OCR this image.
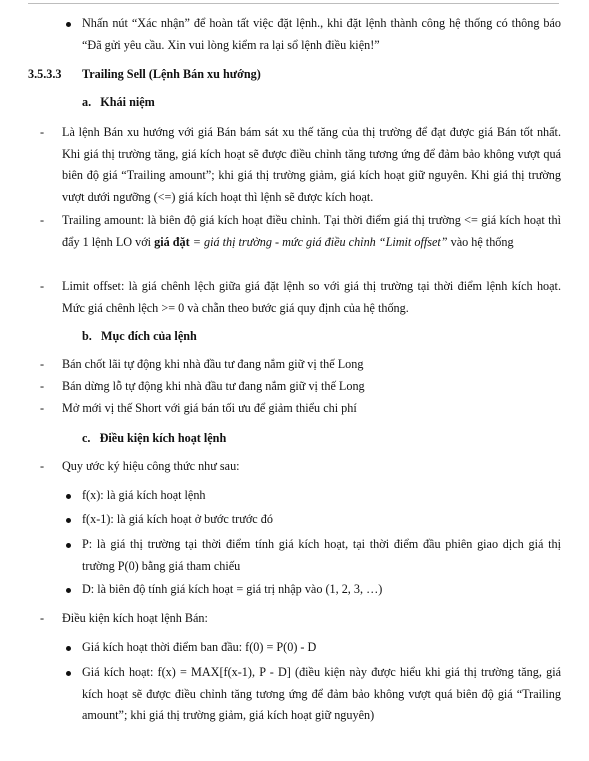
Nhấn nút “Xác nhận” để hoàn tất việc đặt lệnh., khi đặt lệnh thành công hệ thống có thông báo “Đã gửi yêu cầu. Xin vui lòng kiểm ra lại sổ lệnh điều kiện!”
3.5.3.3 Trailing Sell (Lệnh Bán xu hướng)
a.   Khái niệm
- Là lệnh Bán xu hướng với giá Bán bám sát xu thế tăng của thị trường để đạt được giá Bán tốt nhất. Khi giá thị trường tăng, giá kích hoạt sẽ được điều chỉnh tăng tương ứng để đảm bảo không vượt quá biên độ giá “Trailing amount”; khi giá thị trường giảm, giá kích hoạt giữ nguyên. Khi giá thị trường vượt dưới ngưỡng (<=) giá kích hoạt thì lệnh sẽ được kích hoạt.
- Trailing amount: là biên độ giá kích hoạt điều chỉnh. Tại thời điểm giá thị trường <= giá kích hoạt thì đẩy 1 lệnh LO với giá đặt = giá thị trường - mức giá điều chỉnh “Limit offset” vào hệ thống
- Limit offset: là giá chênh lệch giữa giá đặt lệnh so với giá thị trường tại thời điểm lệnh kích hoạt. Mức giá chênh lệch >= 0 và chẵn theo bước giá quy định của hệ thống.
b.   Mục đích của lệnh
- Bán chốt lãi tự động khi nhà đầu tư đang nắm giữ vị thế Long
- Bán dừng lỗ tự động khi nhà đầu tư đang nắm giữ vị thế Long
- Mở mới vị thế Short với giá bán tối ưu để giảm thiểu chi phí
c.   Điều kiện kích hoạt lệnh
- Quy ước ký hiệu công thức như sau:
f(x): là giá kích hoạt lệnh
f(x-1): là giá kích hoạt ở bước trước đó
P: là giá thị trường tại thời điểm tính giá kích hoạt, tại thời điểm đầu phiên giao dịch giá thị trường P(0) bằng giá tham chiếu
D: là biên độ tính giá kích hoạt = giá trị nhập vào (1, 2, 3, …)
- Điều kiện kích hoạt lệnh Bán:
Giá kích hoạt thời điểm ban đầu: f(0) = P(0) - D
Giá kích hoạt: f(x) = MAX[f(x-1), P - D] (điều kiện này được hiểu khi giá thị trường tăng, giá kích hoạt sẽ được điều chỉnh tăng tương ứng để đảm bảo không vượt quá biên độ giá “Trailing amount”; khi giá thị trường giảm, giá kích hoạt giữ nguyên)
